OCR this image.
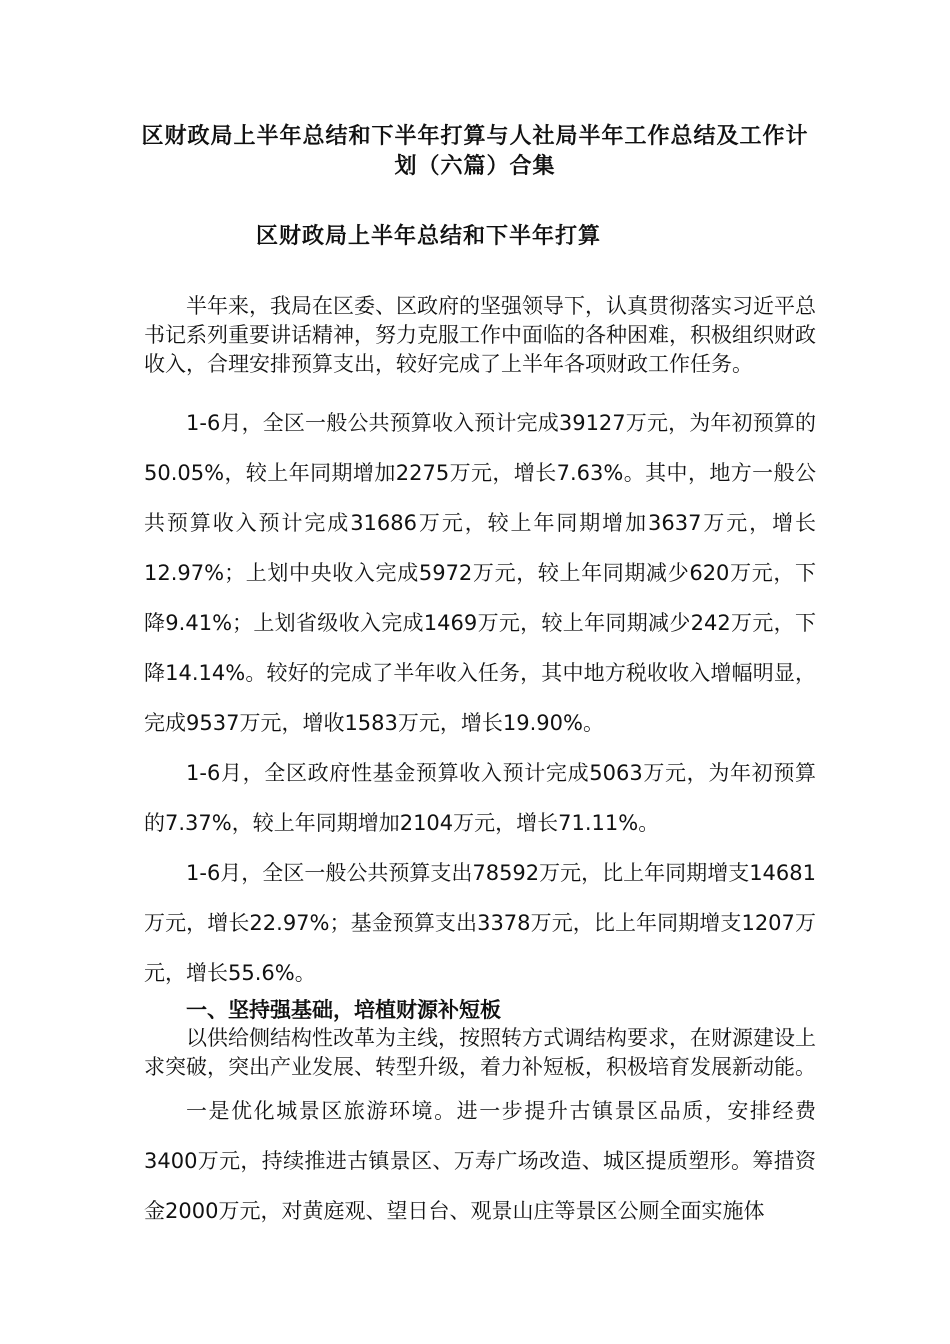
区财政局上半年总结和下半年打算与人社局半年工作总结及工作计划（六篇）合集
区财政局上半年总结和下半年打算

半年来，我局在区委、区政府的坚强领导下，认真贯彻落实习近平总书记系列重要讲话精神，努力克服工作中面临的各种困难，积极组织财政收入，合理安排预算支出，较好完成了上半年各项财政工作任务。

1-6月，全区一般公共预算收入预计完成39127万元，为年初预算的50.05%，较上年同期增加2275万元，增长7.63%。其中，地方一般公共预算收入预计完成31686万元，较上年同期增加3637万元，增长12.97%；上划中央收入完成5972万元，较上年同期减少620万元，下降9.41%；上划省级收入完成1469万元，较上年同期减少242万元，下降14.14%。较好的完成了半年收入任务，其中地方税收收入增幅明显，完成9537万元，增收1583万元，增长19.90%。

1-6月，全区政府性基金预算收入预计完成5063万元，为年初预算的7.37%，较上年同期增加2104万元，增长71.11%。

1-6月，全区一般公共预算支出78592万元，比上年同期增支14681万元，增长22.97%；基金预算支出3378万元，比上年同期增支1207万元，增长55.6%。

一、坚持强基础，培植财源补短板

以供给侧结构性改革为主线，按照转方式调结构要求，在财源建设上求突破，突出产业发展、转型升级，着力补短板，积极培育发展新动能。

一是优化城景区旅游环境。进一步提升古镇景区品质，安排经费3400万元，持续推进古镇景区、万寿广场改造、城区提质塑形。筹措资金2000万元，对黄庭观、望日台、观景山庄等景区公厕全面实施体
